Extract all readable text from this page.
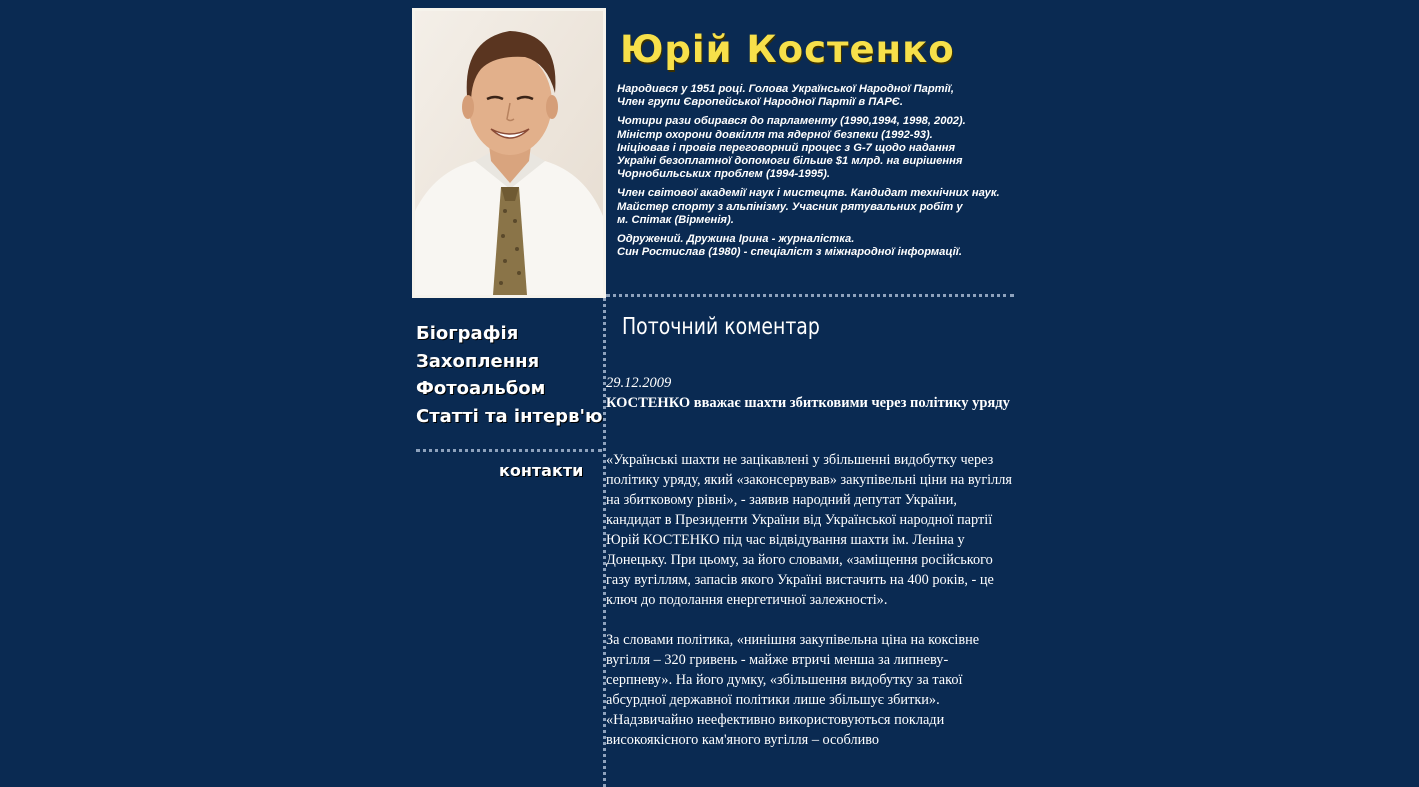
Юрій Костенко

Народився у 1951 році. Голова Української Народної Партії,
Член групи Європейської Народної Партії в ПАРЄ.

Чотири рази обирався до парламенту (1990,1994, 1998, 2002).
Міністр охорони довкілля та ядерної безпеки (1992-93).
Ініціював і провів переговорний процес з G-7 щодо надання
Україні безоплатної допомоги більше $1 млрд. на вирішення
Чорнобильських проблем (1994-1995).

Член світової академії наук і мистецтв. Кандидат технічних наук.
Майстер спорту з альпінізму. Учасник рятувальних робіт у
м. Спітак (Вірменія).

Одружений. Дружина Ірина - журналістка.
Син Ростислав (1980) - спеціаліст з міжнародної інформації.

Біографія
Захоплення
Фотоальбом
Статті та інтерв'ю
контакти
Поточний коментар
29.12.2009

КОСТЕНКО вважає шахти збитковими через політику уряду

«Українські шахти не зацікавлені у збільшенні видобутку через політику уряду, який «законсервував» закупівельні ціни на вугілля на збитковому рівні», - заявив народний депутат України, кандидат в Президенти України від Української народної партії Юрій КОСТЕНКО під час відвідування шахти ім. Леніна у Донецьку. При цьому, за його словами, «заміщення російського газу вугіллям, запасів якого Україні вистачить на 400 років, - це ключ до подолання енергетичної залежності».

За словами політика, «нинішня закупівельна ціна на коксівне вугілля – 320 гривень - майже втричі менша за липневу-серпневу». На його думку, «збільшення видобутку за такої абсурдної державної політики лише збільшує збитки». «Надзвичайно неефективно використовуються поклади високоякісного кам'яного вугілля – особливо
